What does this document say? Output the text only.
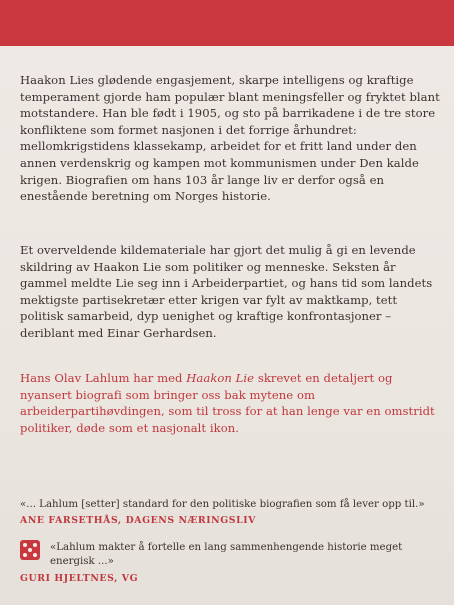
Haakon Lies glødende engasjement, skarpe intelligens og kraftige temperament gjorde ham populær blant meningsfeller og fryktet blant motstandere. Han ble født i 1905, og sto på barrikadene i de tre store konfliktene som formet nasjonen i det forrige århundret: mellomkrigstidens klassekamp, arbeidet for et fritt land under den annen verdenskrig og kampen mot kommunismen under Den kalde krigen. Biografien om hans 103 år lange liv er derfor også en enestående beretning om Norges historie.

Et overveldende kildemateriale har gjort det mulig å gi en levende skildring av Haakon Lie som politiker og menneske. Seksten år gammel meldte Lie seg inn i Arbeiderpartiet, og hans tid som landets mektigste partisekretær etter krigen var fylt av maktkamp, tett politisk samarbeid, dyp uenighet og kraftige konfrontasjoner – deriblant med Einar Gerhardsen.

Hans Olav Lahlum har med Haakon Lie skrevet en detaljert og nyansert biografi som bringer oss bak mytene om arbeiderpartihøvdingen, som til tross for at han lenge var en omstridt politiker, døde som et nasjonalt ikon.

«... Lahlum [setter] standard for den politiske biografien som få lever opp til.»

ANE FARSETHÅS, DAGENS NÆRINGSLIV

«Lahlum makter å fortelle en lang sammenhengende historie meget energisk ...»

GURI HJELTNES, VG
